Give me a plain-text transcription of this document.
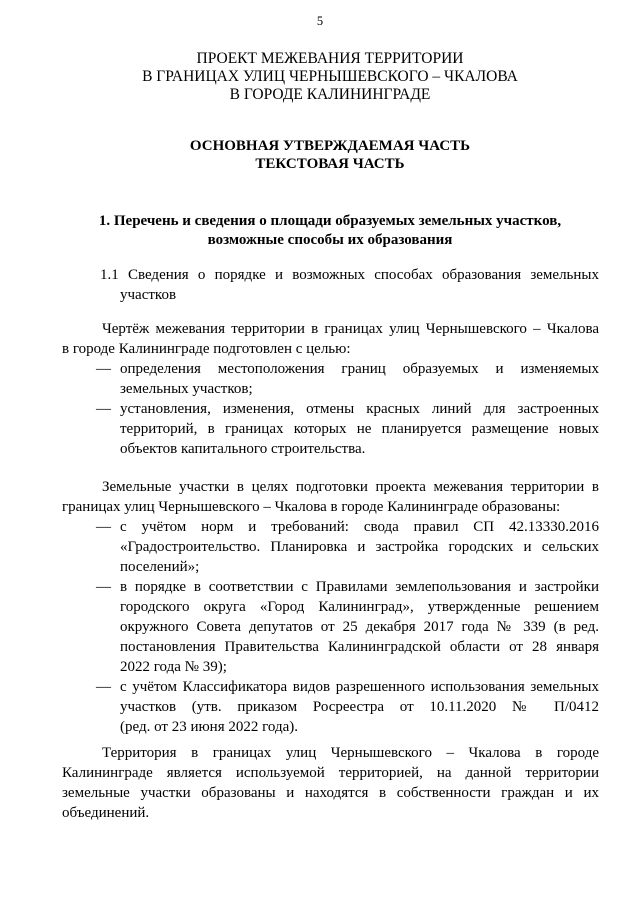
5
ПРОЕКТ МЕЖЕВАНИЯ ТЕРРИТОРИИ
В ГРАНИЦАХ УЛИЦ ЧЕРНЫШЕВСКОГО – ЧКАЛОВА
В ГОРОДЕ КАЛИНИНГРАДЕ
ОСНОВНАЯ УТВЕРЖДАЕМАЯ ЧАСТЬ
ТЕКСТОВАЯ ЧАСТЬ
1. Перечень и сведения о площади образуемых земельных участков,
возможные способы их образования
1.1 Сведения о порядке и возможных способах образования земельных
участков
Чертёж межевания территории в границах улиц Чернышевского – Чкалова
в городе Калининграде подготовлен с целью:
— определения местоположения границ образуемых и изменяемых
земельных участков;
— установления, изменения, отмены красных линий для застроенных
территорий, в границах которых не планируется размещение новых
объектов капитального строительства.
Земельные участки в целях подготовки проекта межевания территории в
границах улиц Чернышевского – Чкалова в городе Калининграде образованы:
— с учётом норм и требований: свода правил СП 42.13330.2016
«Градостроительство. Планировка и застройка городских и сельских
поселений»;
— в порядке в соответствии с Правилами землепользования и застройки
городского округа «Город Калининград», утвержденные решением
окружного Совета депутатов от 25 декабря 2017 года № 339 (в ред.
постановления Правительства Калининградской области от 28 января
2022 года № 39);
— с учётом Классификатора видов разрешенного использования земельных
участков (утв. приказом Росреестра от 10.11.2020 № П/0412
(ред. от 23 июня 2022 года).
Территория в границах улиц Чернышевского – Чкалова в городе
Калининграде является используемой территорией, на данной территории
земельные участки образованы и находятся в собственности граждан и их
объединений.
